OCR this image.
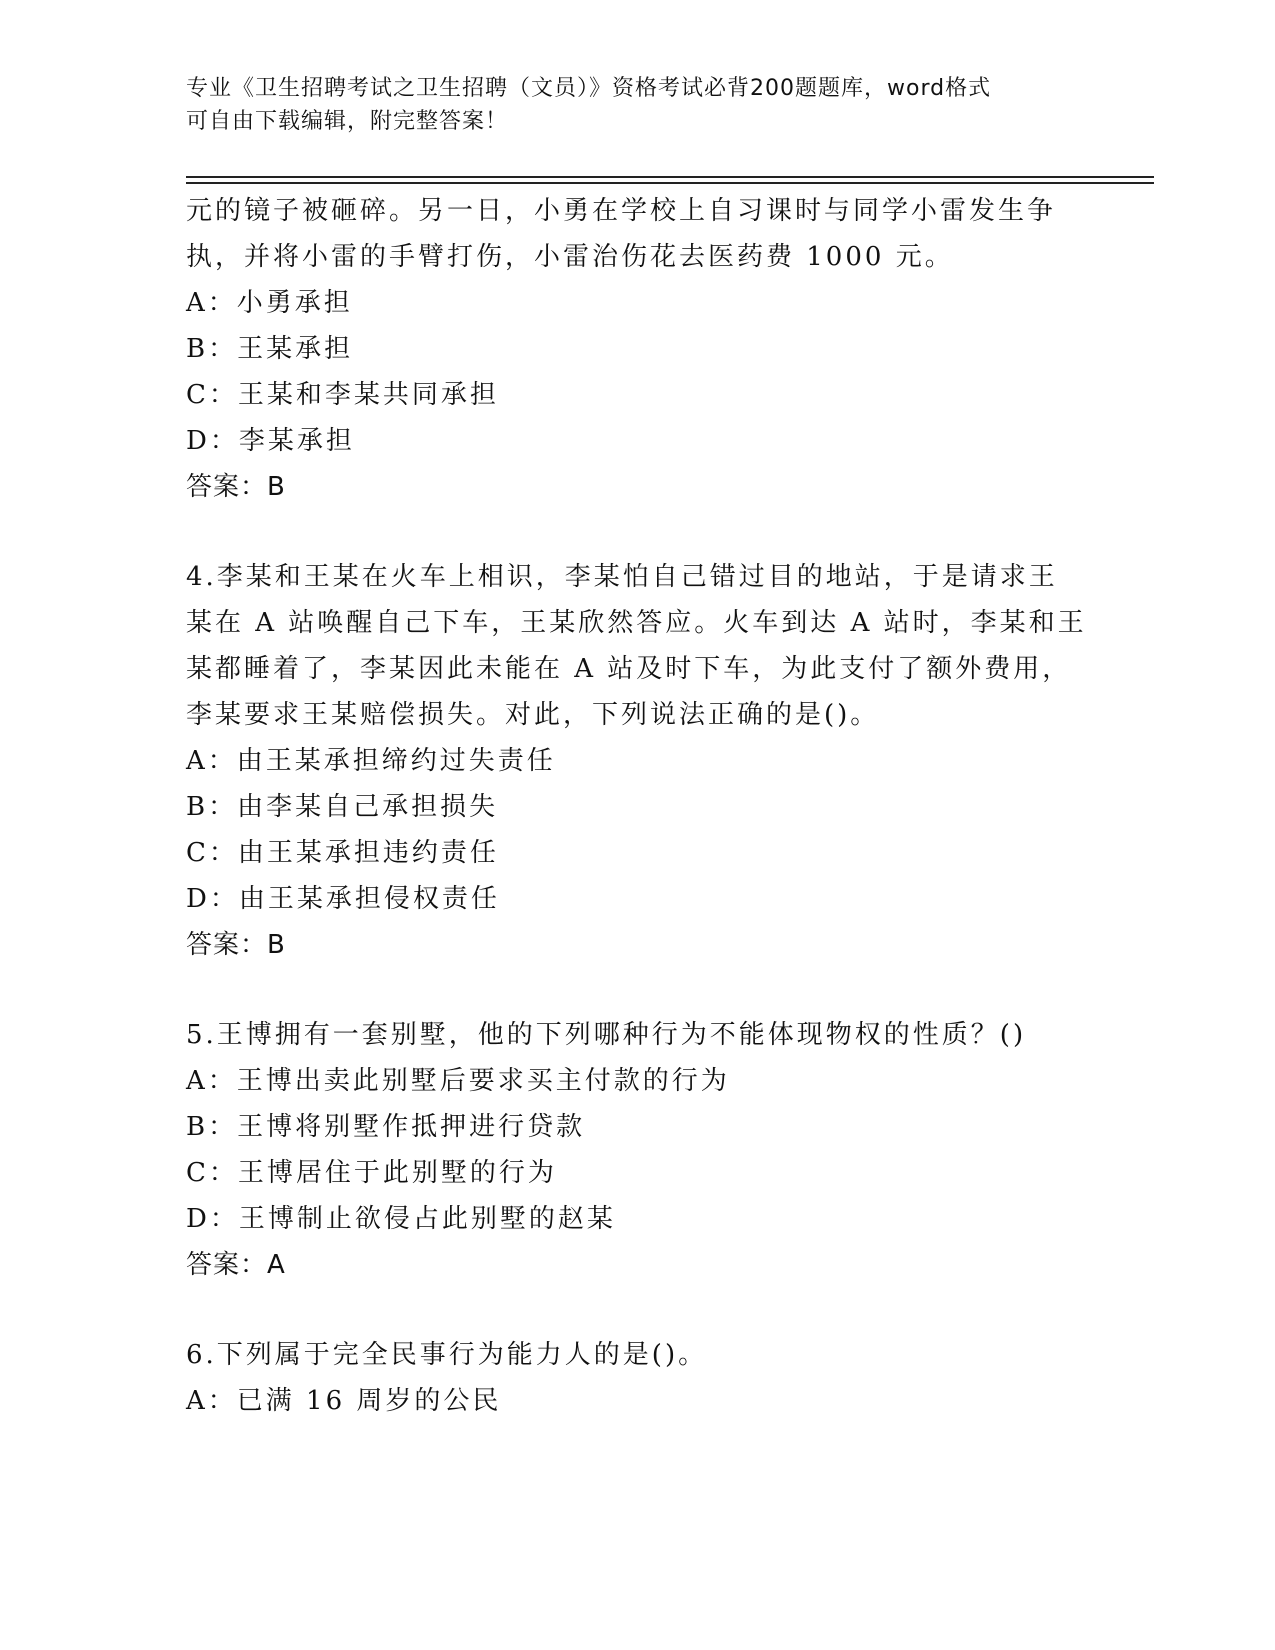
专业《卫生招聘考试之卫生招聘（文员）》资格考试必背200题题库，word格式
可自由下载编辑，附完整答案！
元的镜子被砸碎。另一日，小勇在学校上自习课时与同学小雷发生争
执，并将小雷的手臂打伤，小雷治伤花去医药费 1000 元。
A：小勇承担
B：王某承担
C：王某和李某共同承担
D：李某承担
答案：B
4.李某和王某在火车上相识，李某怕自己错过目的地站，于是请求王
某在 A 站唤醒自己下车，王某欣然答应。火车到达 A 站时，李某和王
某都睡着了，李某因此未能在 A 站及时下车，为此支付了额外费用，
李某要求王某赔偿损失。对此，下列说法正确的是()。
A：由王某承担缔约过失责任
B：由李某自己承担损失
C：由王某承担违约责任
D：由王某承担侵权责任
答案：B
5.王博拥有一套别墅，他的下列哪种行为不能体现物权的性质？()
A：王博出卖此别墅后要求买主付款的行为
B：王博将别墅作抵押进行贷款
C：王博居住于此别墅的行为
D：王博制止欲侵占此别墅的赵某
答案：A
6.下列属于完全民事行为能力人的是()。
A：已满 16 周岁的公民
